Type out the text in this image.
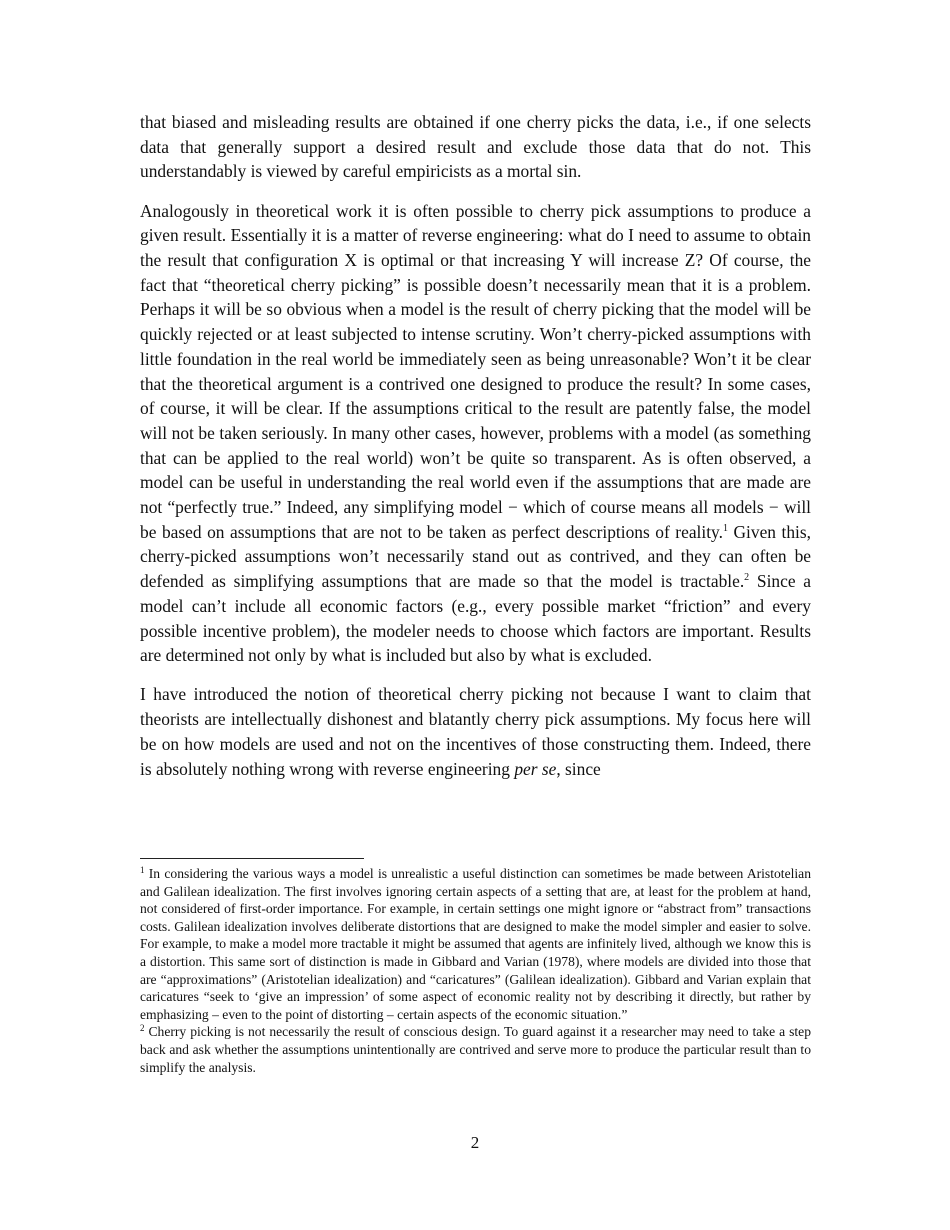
that biased and misleading results are obtained if one cherry picks the data, i.e., if one selects data that generally support a desired result and exclude those data that do not. This understandably is viewed by careful empiricists as a mortal sin.

Analogously in theoretical work it is often possible to cherry pick assumptions to produce a given result. Essentially it is a matter of reverse engineering: what do I need to assume to obtain the result that configuration X is optimal or that increasing Y will increase Z? Of course, the fact that “theoretical cherry picking” is possible doesn’t necessarily mean that it is a problem. Perhaps it will be so obvious when a model is the result of cherry picking that the model will be quickly rejected or at least subjected to intense scrutiny. Won’t cherry-picked assumptions with little foundation in the real world be immediately seen as being unreasonable? Won’t it be clear that the theoretical argument is a contrived one designed to produce the result? In some cases, of course, it will be clear. If the assumptions critical to the result are patently false, the model will not be taken seriously. In many other cases, however, problems with a model (as something that can be applied to the real world) won’t be quite so transparent. As is often observed, a model can be useful in understanding the real world even if the assumptions that are made are not “perfectly true.” Indeed, any simplifying model − which of course means all models − will be based on assumptions that are not to be taken as perfect descriptions of reality.$^1$ Given this, cherry-picked assumptions won’t necessarily stand out as contrived, and they can often be defended as simplifying assumptions that are made so that the model is tractable.$^2$ Since a model can’t include all economic factors (e.g., every possible market “friction” and every possible incentive problem), the modeler needs to choose which factors are important. Results are determined not only by what is included but also by what is excluded.

I have introduced the notion of theoretical cherry picking not because I want to claim that theorists are intellectually dishonest and blatantly cherry pick assumptions. My focus here will be on how models are used and not on the incentives of those constructing them. Indeed, there is absolutely nothing wrong with reverse engineering per se, since

$^1$ In considering the various ways a model is unrealistic a useful distinction can sometimes be made between Aristotelian and Galilean idealization. The first involves ignoring certain aspects of a setting that are, at least for the problem at hand, not considered of first-order importance. For example, in certain settings one might ignore or “abstract from” transactions costs. Galilean idealization involves deliberate distortions that are designed to make the model simpler and easier to solve. For example, to make a model more tractable it might be assumed that agents are infinitely lived, although we know this is a distortion. This same sort of distinction is made in Gibbard and Varian (1978), where models are divided into those that are “approximations” (Aristotelian idealization) and “caricatures” (Galilean idealization). Gibbard and Varian explain that caricatures “seek to ‘give an impression’ of some aspect of economic reality not by describing it directly, but rather by emphasizing – even to the point of distorting – certain aspects of the economic situation.”

$^2$ Cherry picking is not necessarily the result of conscious design. To guard against it a researcher may need to take a step back and ask whether the assumptions unintentionally are contrived and serve more to produce the particular result than to simplify the analysis.

2
